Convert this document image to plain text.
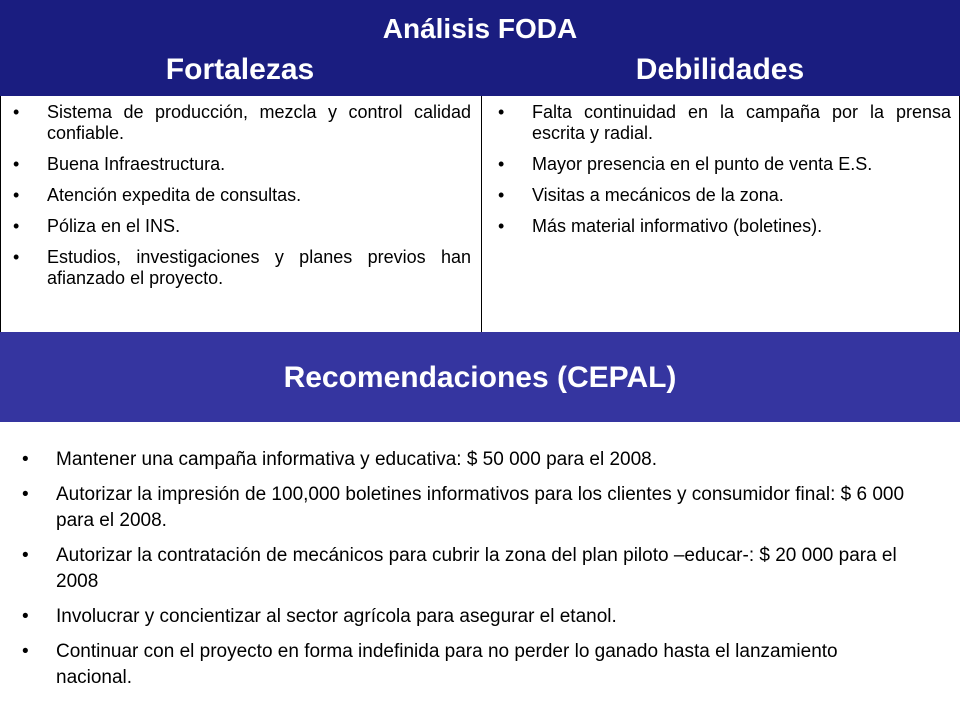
Análisis FODA
Fortalezas	Debilidades
• Sistema de producción, mezcla y control calidad confiable.
• Buena Infraestructura.
• Atención expedita de consultas.
• Póliza en el INS.
• Estudios, investigaciones y planes previos han afianzado el proyecto.
• Falta continuidad en la campaña por la prensa escrita y radial.
• Mayor presencia en el punto de venta E.S.
• Visitas a mecánicos de la zona.
• Más material informativo (boletines).
Recomendaciones (CEPAL)
• Mantener una campaña informativa y educativa: $ 50 000 para el 2008.
• Autorizar la impresión de 100,000 boletines informativos para los clientes y consumidor final: $ 6 000 para el 2008.
• Autorizar la contratación de mecánicos para cubrir la zona del plan piloto –educar-: $ 20 000 para el 2008
• Involucrar y concientizar al sector agrícola para asegurar el etanol.
• Continuar con el proyecto en forma indefinida para no perder lo ganado hasta el lanzamiento nacional.
